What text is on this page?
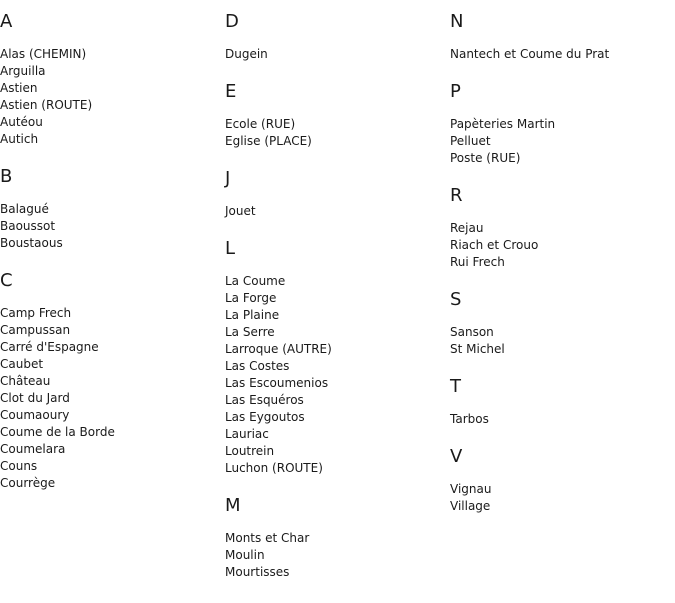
A
Alas (CHEMIN)
Arguilla
Astien
Astien (ROUTE)
Autéou
Autich
B
Balagué
Baoussot
Boustaous
C
Camp Frech
Campussan
Carré d'Espagne
Caubet
Château
Clot du Jard
Coumaoury
Coume de la Borde
Coumelara
Couns
Courrège
D
Dugein
E
Ecole (RUE)
Eglise (PLACE)
J
Jouet
L
La Coume
La Forge
La Plaine
La Serre
Larroque (AUTRE)
Las Costes
Las Escoumenios
Las Esquéros
Las Eygoutos
Lauriac
Loutrein
Luchon (ROUTE)
M
Monts et Char
Moulin
Mourtisses
N
Nantech et Coume du Prat
P
Papèteries Martin
Pelluet
Poste (RUE)
R
Rejau
Riach et Crouo
Rui Frech
S
Sanson
St Michel
T
Tarbos
V
Vignau
Village
